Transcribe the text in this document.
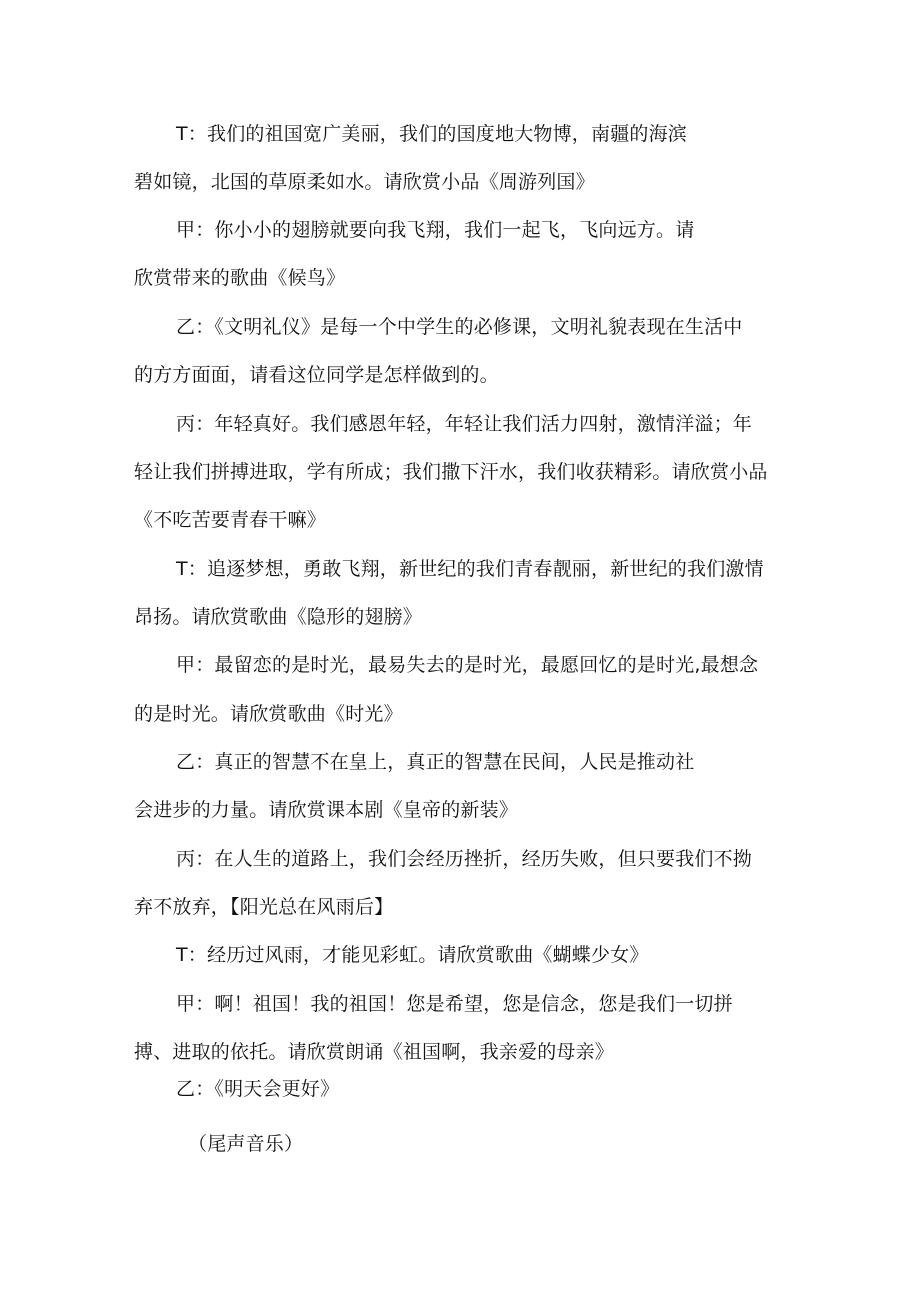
T：我们的祖国宽广美丽，我们的国度地大物博，南疆的海滨
碧如镜，北国的草原柔如水。请欣赏小品《周游列国》
甲：你小小的翅膀就要向我飞翔，我们一起飞，飞向远方。请
欣赏带来的歌曲《候鸟》
乙：《文明礼仪》是每一个中学生的必修课，文明礼貌表现在生活中
的方方面面，请看这位同学是怎样做到的。
丙：年轻真好。我们感恩年轻，年轻让我们活力四射，激情洋溢；年
轻让我们拼搏进取，学有所成；我们撒下汗水，我们收获精彩。请欣赏小品
《不吃苦要青春干嘛》
T：追逐梦想，勇敢飞翔，新世纪的我们青春靓丽，新世纪的我们激情
昂扬。请欣赏歌曲《隐形的翅膀》
甲：最留恋的是时光，最易失去的是时光，最愿回忆的是时光,最想念
的是时光。请欣赏歌曲《时光》
乙：真正的智慧不在皇上，真正的智慧在民间，人民是推动社
会进步的力量。请欣赏课本剧《皇帝的新装》
丙：在人生的道路上，我们会经历挫折，经历失败，但只要我们不拗
弃不放弃，【阳光总在风雨后】
T：经历过风雨，才能见彩虹。请欣赏歌曲《蝴蝶少女》
甲：啊！祖国！我的祖国！您是希望，您是信念，您是我们一切拼
搏、进取的依托。请欣赏朗诵《祖国啊，我亲爱的母亲》
乙：《明天会更好》
（尾声音乐）
